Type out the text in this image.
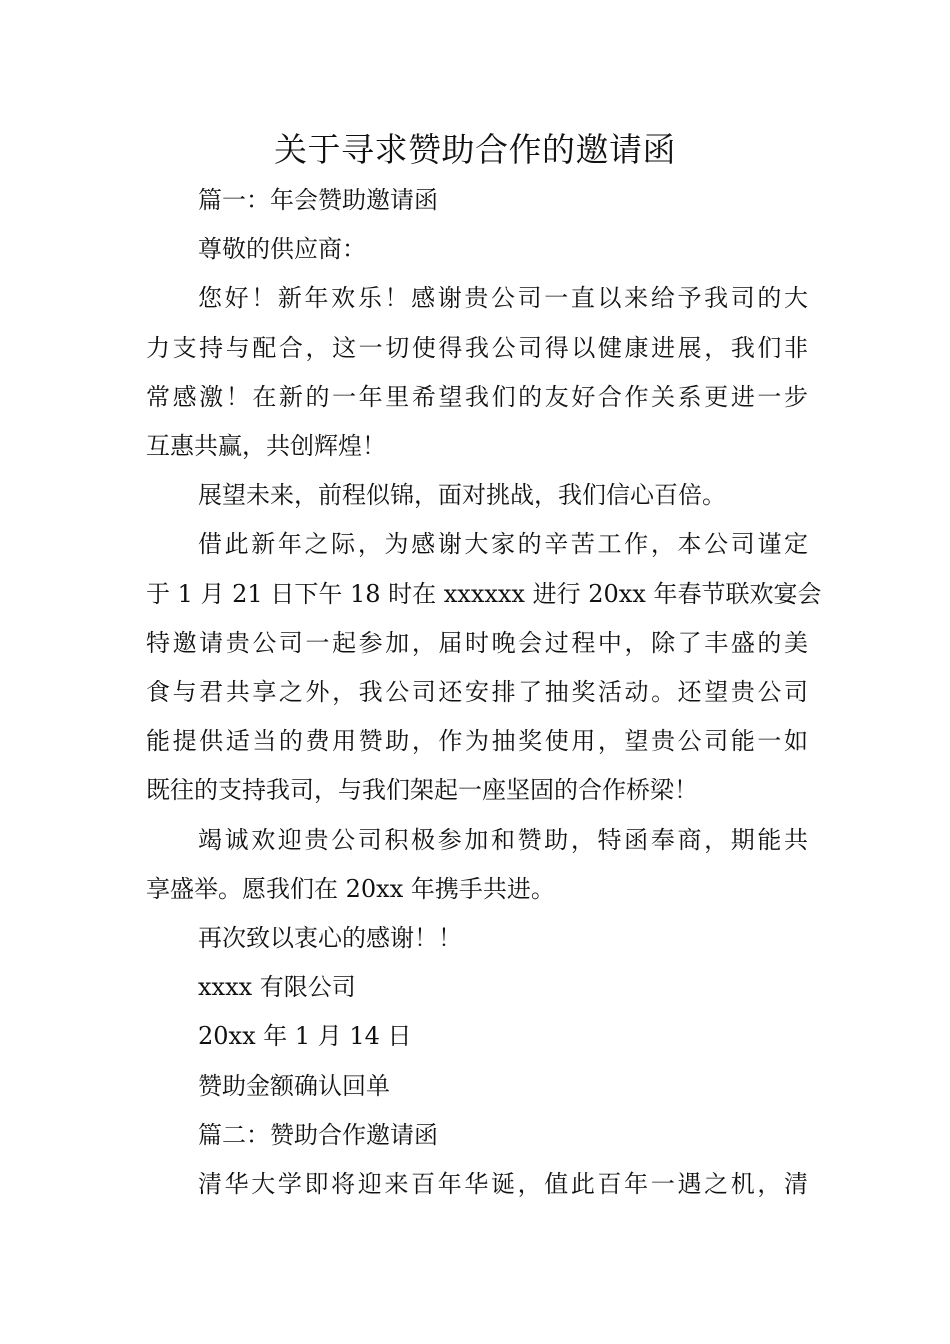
关于寻求赞助合作的邀请函
篇一：年会赞助邀请函
尊敬的供应商：
您好！新年欢乐！感谢贵公司一直以来给予我司的大
力支持与配合，这一切使得我公司得以健康进展，我们非
常感激！在新的一年里希望我们的友好合作关系更进一步
互惠共赢，共创辉煌！
展望未来，前程似锦，面对挑战，我们信心百倍。
借此新年之际，为感谢大家的辛苦工作，本公司谨定
于 1 月 21 日下午 18 时在 xxxxxx 进行 20xx 年春节联欢宴会
特邀请贵公司一起参加，届时晚会过程中，除了丰盛的美
食与君共享之外，我公司还安排了抽奖活动。还望贵公司
能提供适当的费用赞助，作为抽奖使用，望贵公司能一如
既往的支持我司，与我们架起一座坚固的合作桥梁！
竭诚欢迎贵公司积极参加和赞助，特函奉商，期能共
享盛举。愿我们在 20xx 年携手共进。
再次致以衷心的感谢！！
xxxx 有限公司
20xx 年 1 月 14 日
赞助金额确认回单
篇二：赞助合作邀请函
清华大学即将迎来百年华诞，值此百年一遇之机，清
